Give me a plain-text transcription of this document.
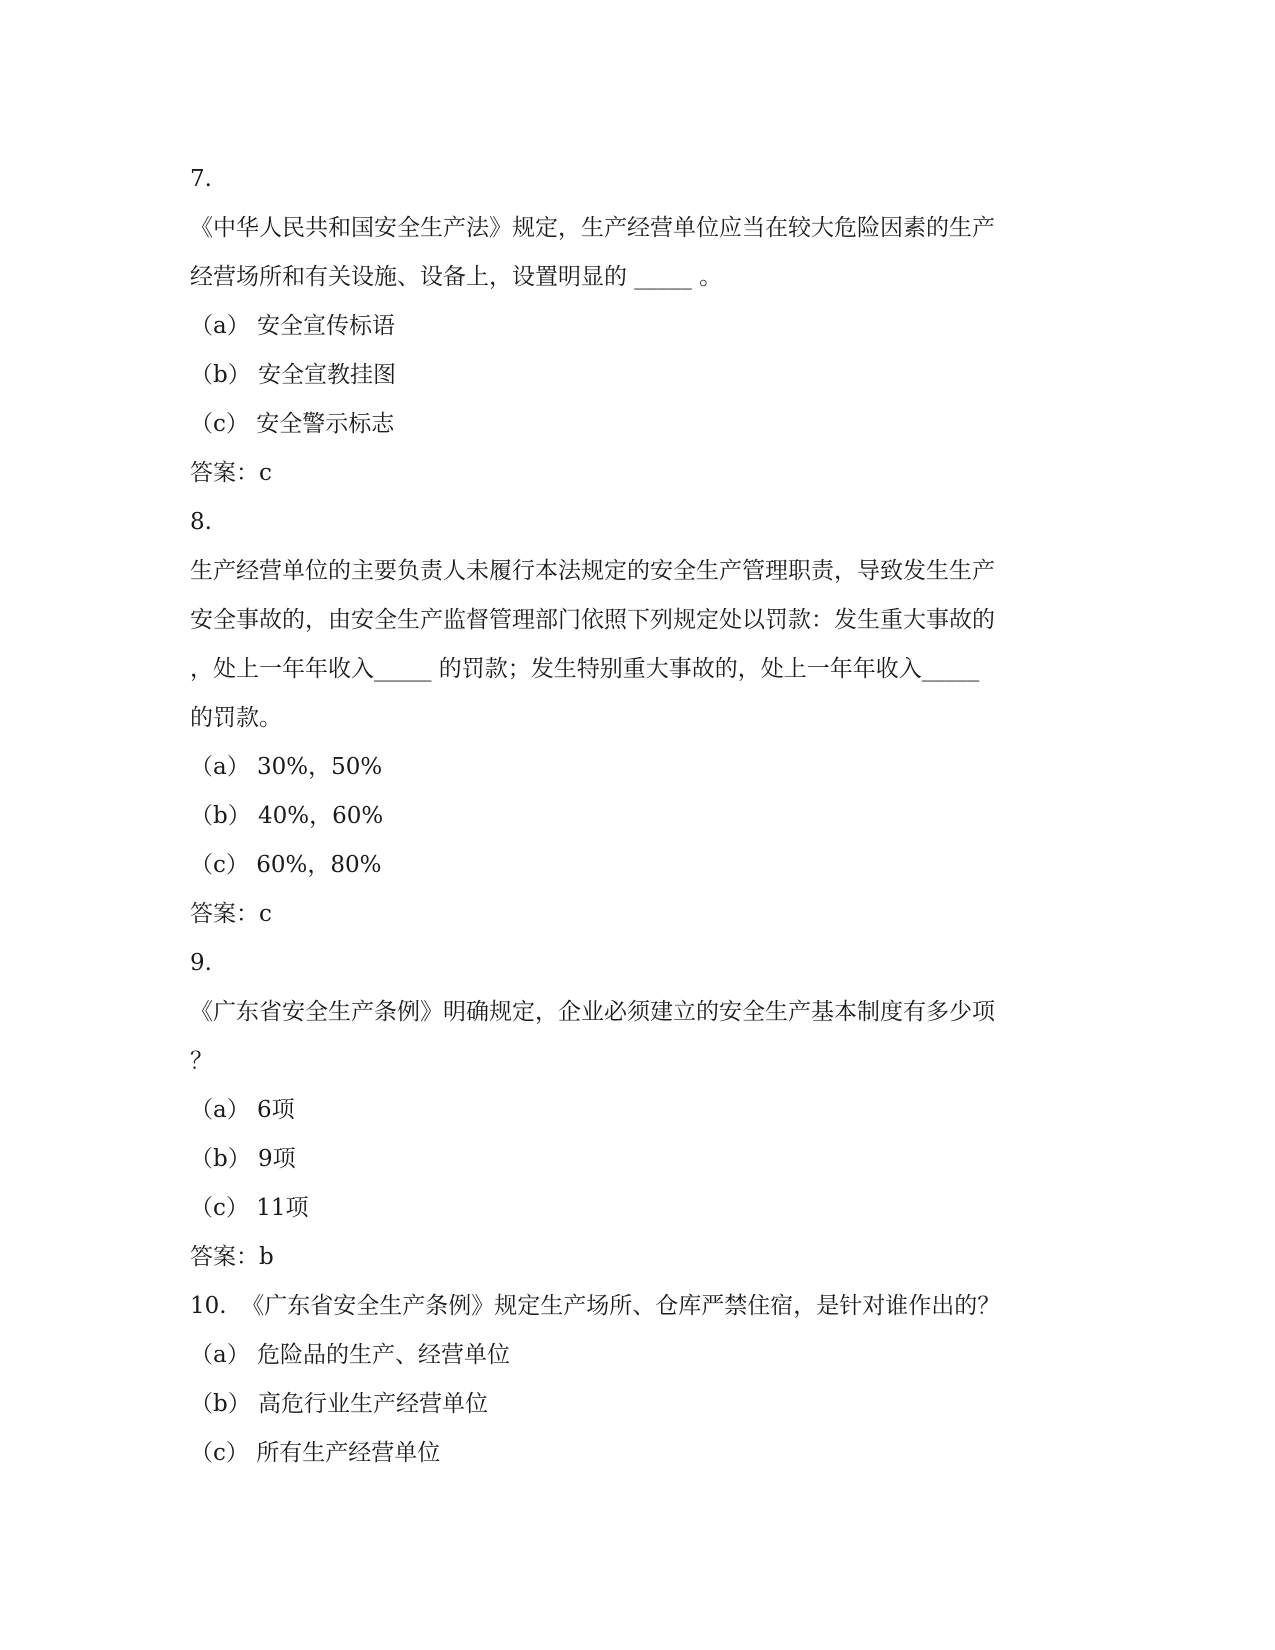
7.
《中华人民共和国安全生产法》规定，生产经营单位应当在较大危险因素的生产
经营场所和有关设施、设备上，设置明显的 _____ 。
（a） 安全宣传标语
（b） 安全宣教挂图
（c） 安全警示标志
答案：c
8.
生产经营单位的主要负责人未履行本法规定的安全生产管理职责，导致发生生产
安全事故的，由安全生产监督管理部门依照下列规定处以罚款：发生重大事故的
，处上一年年收入_____ 的罚款；发生特别重大事故的，处上一年年收入_____
的罚款。
（a） 30%，50%
（b） 40%，60%
（c） 60%，80%
答案：c
9.
《广东省安全生产条例》明确规定，企业必须建立的安全生产基本制度有多少项
？
（a） 6项
（b） 9项
（c） 11项
答案：b
10.  《广东省安全生产条例》规定生产场所、仓库严禁住宿，是针对谁作出的？
（a） 危险品的生产、经营单位
（b） 高危行业生产经营单位
（c） 所有生产经营单位
